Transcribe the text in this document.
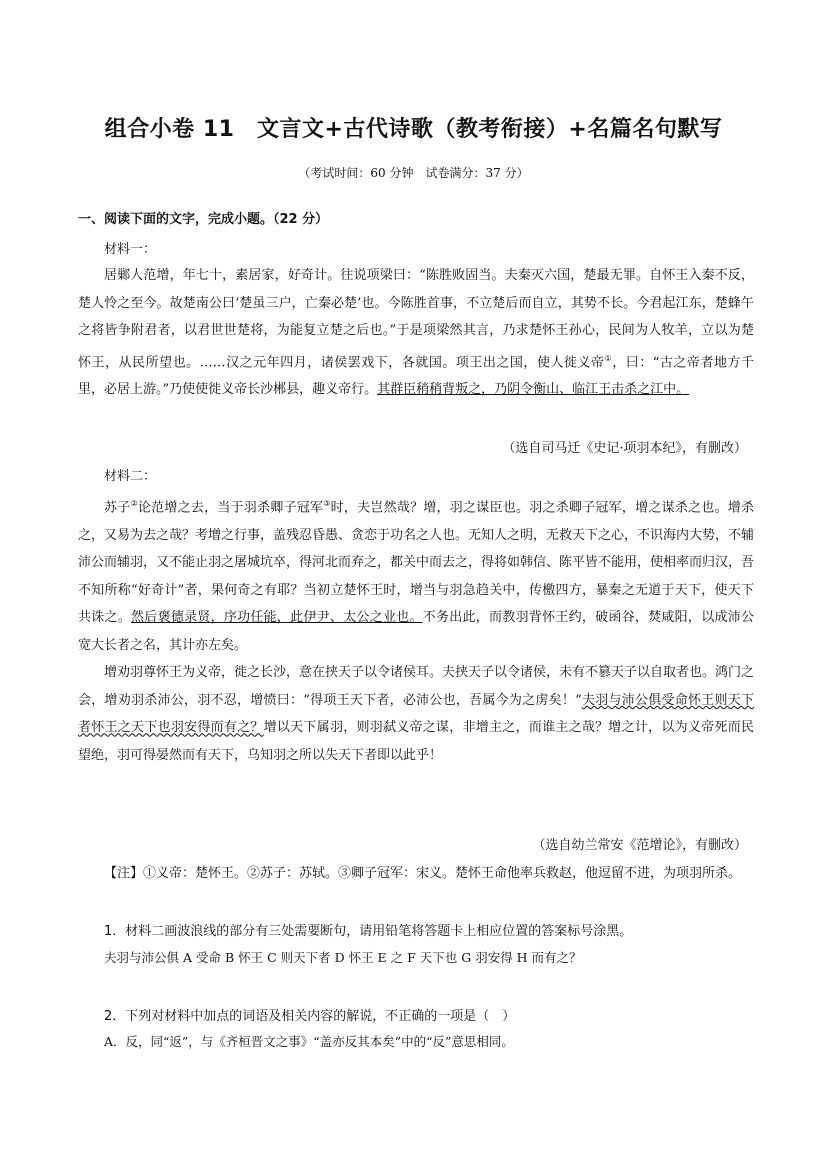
组合小卷 11　文言文+古代诗歌（教考衔接）+名篇名句默写
（考试时间：60 分钟　试卷满分：37 分）
一、阅读下面的文字，完成小题。（22 分）
材料一：

居鄛人范增，年七十，素居家，好奇计。往说项梁曰：“陈胜败固当。夫秦灭六国，楚最无罪。自怀王入秦不反，楚人怜之至今。故楚南公曰‘楚虽三户，亡秦必楚’也。今陈胜首事，不立楚后而自立，其势不长。今君起江东，楚蜂午之将皆争附君者，以君世世楚将，为能复立楚之后也。”于是项梁然其言，乃求楚怀王孙心，民间为人牧羊，立以为楚怀王，从民所望也。……汉之元年四月，诸侯罢戏下，各就国。项王出之国，使人徙义帝①，曰：“古之帝者地方千里，必居上游。”乃使使徙义帝长沙郴县，趣义帝行。其群臣稍稍背叛之，乃阴令衡山、临江王击杀之江中。

（选自司马迁《史记·项羽本纪》，有删改）
材料二：

苏子②论范增之去，当于羽杀卿子冠军③时，夫岂然哉？增，羽之谋臣也。羽之杀卿子冠军，增之谋杀之也。增杀之，又易为去之哉？考增之行事，盖残忍昏愚、贪恋于功名之人也。无知人之明，无救天下之心，不识海内大势，不辅沛公而辅羽，又不能止羽之屠城坑卒，得河北而弃之，都关中而去之，得将如韩信、陈平皆不能用，使相率而归汉，吾不知所称“好奇计”者，果何奇之有耶？当初立楚怀王时，增当与羽急趋关中，传檄四方，暴秦之无道于天下，使天下共诛之。然后褒德录贤，序功任能，此伊尹、太公之业也。不务出此，而教羽背怀王约，破函谷，焚咸阳，以成沛公宽大长者之名，其计亦左矣。

增劝羽尊怀王为义帝，徙之长沙，意在挟天子以令诸侯耳。夫挟天子以令诸侯，未有不篡天子以自取者也。鸿门之会，增劝羽杀沛公，羽不忍，增愤曰：“得项王天下者，必沛公也，吾属今为之虏矣！”夫羽与沛公俱受命怀王则天下者怀王之天下也羽安得而有之？增以天下属羽，则羽弑义帝之谋，非增主之，而谁主之哉？增之计，以为义帝死而民望绝，羽可得晏然而有天下，乌知羽之所以失天下者即以此乎！

（选自幼兰常安《范增论》，有删改）
【注】①义帝：楚怀王。②苏子：苏轼。③卿子冠军：宋义。楚怀王命他率兵救赵，他逗留不进，为项羽所杀。
1．材料二画波浪线的部分有三处需要断句，请用铅笔将答题卡上相应位置的答案标号涂黑。
夫羽与沛公俱 A 受命 B 怀王 C 则天下者 D 怀王 E 之 F 天下也 G 羽安得 H 而有之？
2．下列对材料中加点的词语及相关内容的解说，不正确的一项是（　）
A．反，同“返”，与《齐桓晋文之事》“盖亦反其本矣”中的“反”意思相同。
